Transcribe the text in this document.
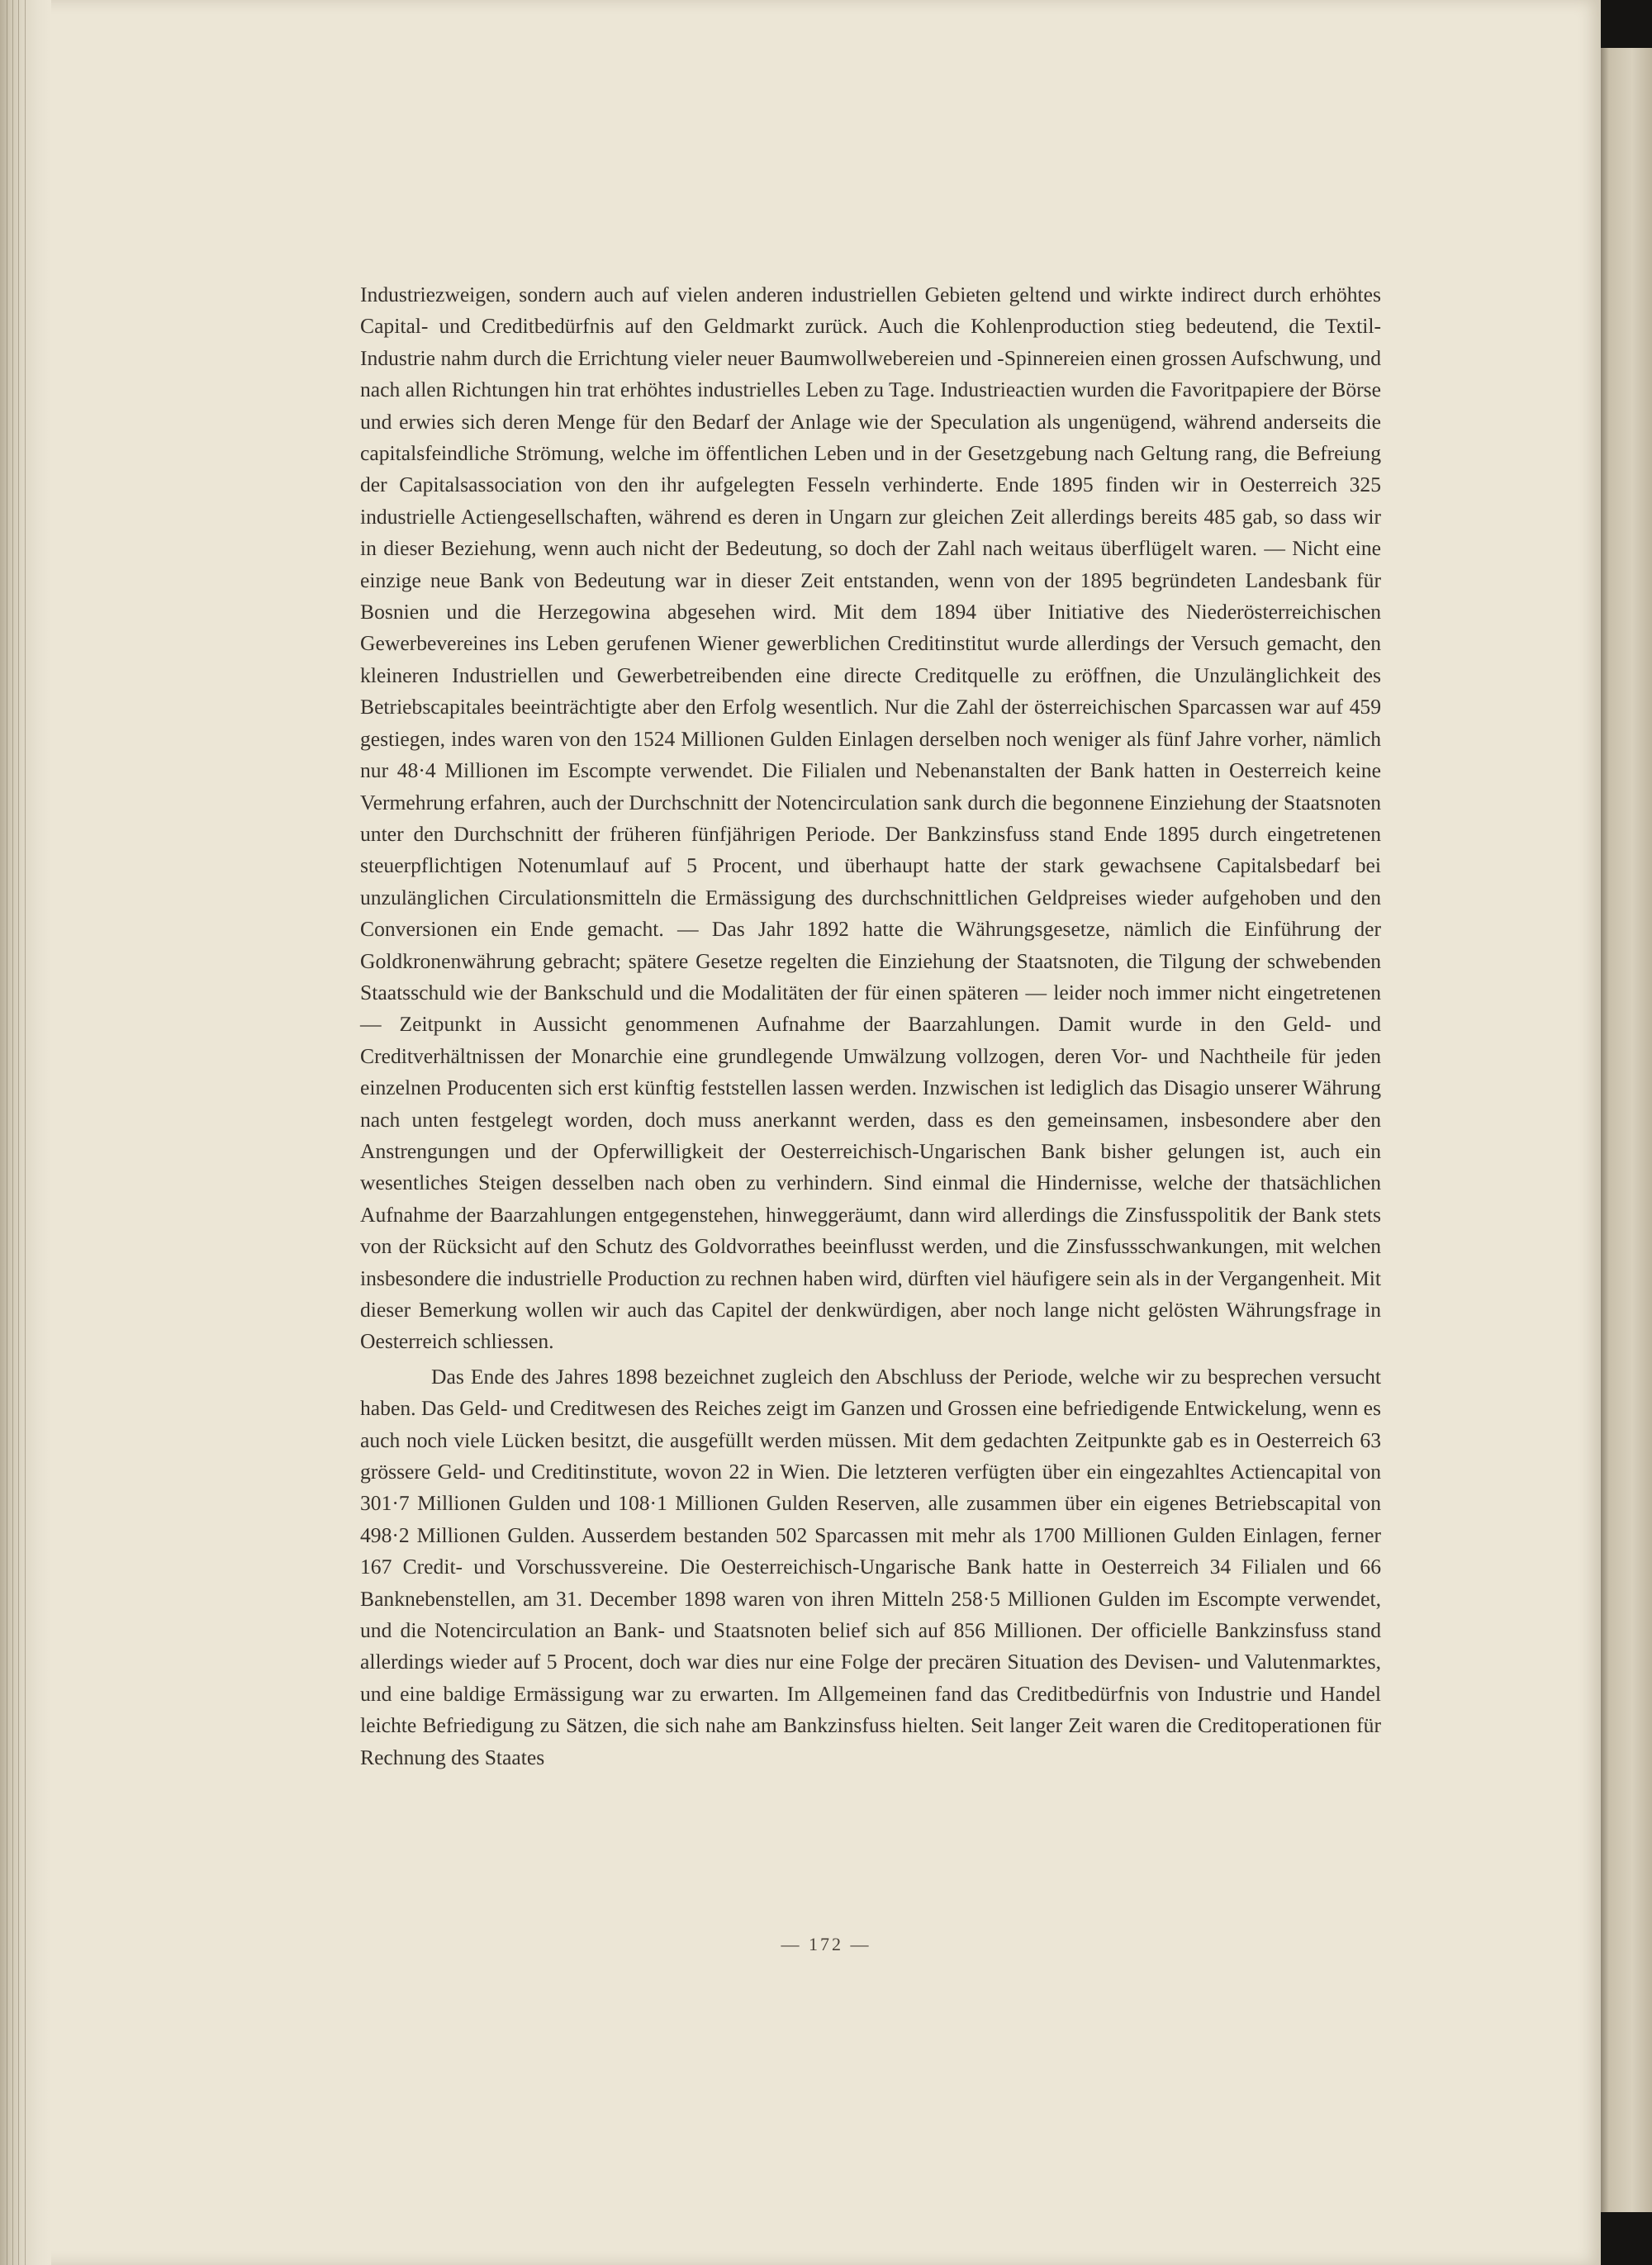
Industriezweigen, sondern auch auf vielen anderen industriellen Gebieten geltend und wirkte indirect durch erhöhtes Capital- und Creditbedürfnis auf den Geldmarkt zurück. Auch die Kohlenproduction stieg bedeutend, die Textil-Industrie nahm durch die Errichtung vieler neuer Baumwollwebereien und -Spinnereien einen grossen Aufschwung, und nach allen Richtungen hin trat erhöhtes industrielles Leben zu Tage. Industrieactien wurden die Favoritpapiere der Börse und erwies sich deren Menge für den Bedarf der Anlage wie der Speculation als ungenügend, während anderseits die capitalsfeindliche Strömung, welche im öffentlichen Leben und in der Gesetzgebung nach Geltung rang, die Befreiung der Capitalsassociation von den ihr aufgelegten Fesseln verhinderte. Ende 1895 finden wir in Oesterreich 325 industrielle Actiengesellschaften, während es deren in Ungarn zur gleichen Zeit allerdings bereits 485 gab, so dass wir in dieser Beziehung, wenn auch nicht der Bedeutung, so doch der Zahl nach weitaus überflügelt waren. — Nicht eine einzige neue Bank von Bedeutung war in dieser Zeit entstanden, wenn von der 1895 begründeten Landesbank für Bosnien und die Herzegowina abgesehen wird. Mit dem 1894 über Initiative des Niederösterreichischen Gewerbevereines ins Leben gerufenen Wiener gewerblichen Creditinstitut wurde allerdings der Versuch gemacht, den kleineren Industriellen und Gewerbetreibenden eine directe Creditquelle zu eröffnen, die Unzulänglichkeit des Betriebscapitales beeinträchtigte aber den Erfolg wesentlich. Nur die Zahl der österreichischen Sparcassen war auf 459 gestiegen, indes waren von den 1524 Millionen Gulden Einlagen derselben noch weniger als fünf Jahre vorher, nämlich nur 48·4 Millionen im Escompte verwendet. Die Filialen und Nebenanstalten der Bank hatten in Oesterreich keine Vermehrung erfahren, auch der Durchschnitt der Notencirculation sank durch die begonnene Einziehung der Staatsnoten unter den Durchschnitt der früheren fünfjährigen Periode. Der Bankzinsfuss stand Ende 1895 durch eingetretenen steuerpflichtigen Notenumlauf auf 5 Procent, und überhaupt hatte der stark gewachsene Capitalsbedarf bei unzulänglichen Circulationsmitteln die Ermässigung des durchschnittlichen Geldpreises wieder aufgehoben und den Conversionen ein Ende gemacht. — Das Jahr 1892 hatte die Währungsgesetze, nämlich die Einführung der Goldkronenwährung gebracht; spätere Gesetze regelten die Einziehung der Staatsnoten, die Tilgung der schwebenden Staatsschuld wie der Bankschuld und die Modalitäten der für einen späteren — leider noch immer nicht eingetretenen — Zeitpunkt in Aussicht genommenen Aufnahme der Baarzahlungen. Damit wurde in den Geld- und Creditverhältnissen der Monarchie eine grundlegende Umwälzung vollzogen, deren Vor- und Nachtheile für jeden einzelnen Producenten sich erst künftig feststellen lassen werden. Inzwischen ist lediglich das Disagio unserer Währung nach unten festgelegt worden, doch muss anerkannt werden, dass es den gemeinsamen, insbesondere aber den Anstrengungen und der Opferwilligkeit der Oesterreichisch-Ungarischen Bank bisher gelungen ist, auch ein wesentliches Steigen desselben nach oben zu verhindern. Sind einmal die Hindernisse, welche der thatsächlichen Aufnahme der Baarzahlungen entgegenstehen, hinweggeräumt, dann wird allerdings die Zinsfusspolitik der Bank stets von der Rücksicht auf den Schutz des Goldvorrathes beeinflusst werden, und die Zinsfussschwankungen, mit welchen insbesondere die industrielle Production zu rechnen haben wird, dürften viel häufigere sein als in der Vergangenheit. Mit dieser Bemerkung wollen wir auch das Capitel der denkwürdigen, aber noch lange nicht gelösten Währungsfrage in Oesterreich schliessen.

Das Ende des Jahres 1898 bezeichnet zugleich den Abschluss der Periode, welche wir zu besprechen versucht haben. Das Geld- und Creditwesen des Reiches zeigt im Ganzen und Grossen eine befriedigende Entwickelung, wenn es auch noch viele Lücken besitzt, die ausgefüllt werden müssen. Mit dem gedachten Zeitpunkte gab es in Oesterreich 63 grössere Geld- und Creditinstitute, wovon 22 in Wien. Die letzteren verfügten über ein eingezahltes Actiencapital von 301·7 Millionen Gulden und 108·1 Millionen Gulden Reserven, alle zusammen über ein eigenes Betriebscapital von 498·2 Millionen Gulden. Ausserdem bestanden 502 Sparcassen mit mehr als 1700 Millionen Gulden Einlagen, ferner 167 Credit- und Vorschussvereine. Die Oesterreichisch-Ungarische Bank hatte in Oesterreich 34 Filialen und 66 Banknebenstellen, am 31. December 1898 waren von ihren Mitteln 258·5 Millionen Gulden im Escompte verwendet, und die Notencirculation an Bank- und Staatsnoten belief sich auf 856 Millionen. Der officielle Bankzinsfuss stand allerdings wieder auf 5 Procent, doch war dies nur eine Folge der precären Situation des Devisen- und Valutenmarktes, und eine baldige Ermässigung war zu erwarten. Im Allgemeinen fand das Creditbedürfnis von Industrie und Handel leichte Befriedigung zu Sätzen, die sich nahe am Bankzinsfuss hielten. Seit langer Zeit waren die Creditoperationen für Rechnung des Staates

— 172 —
